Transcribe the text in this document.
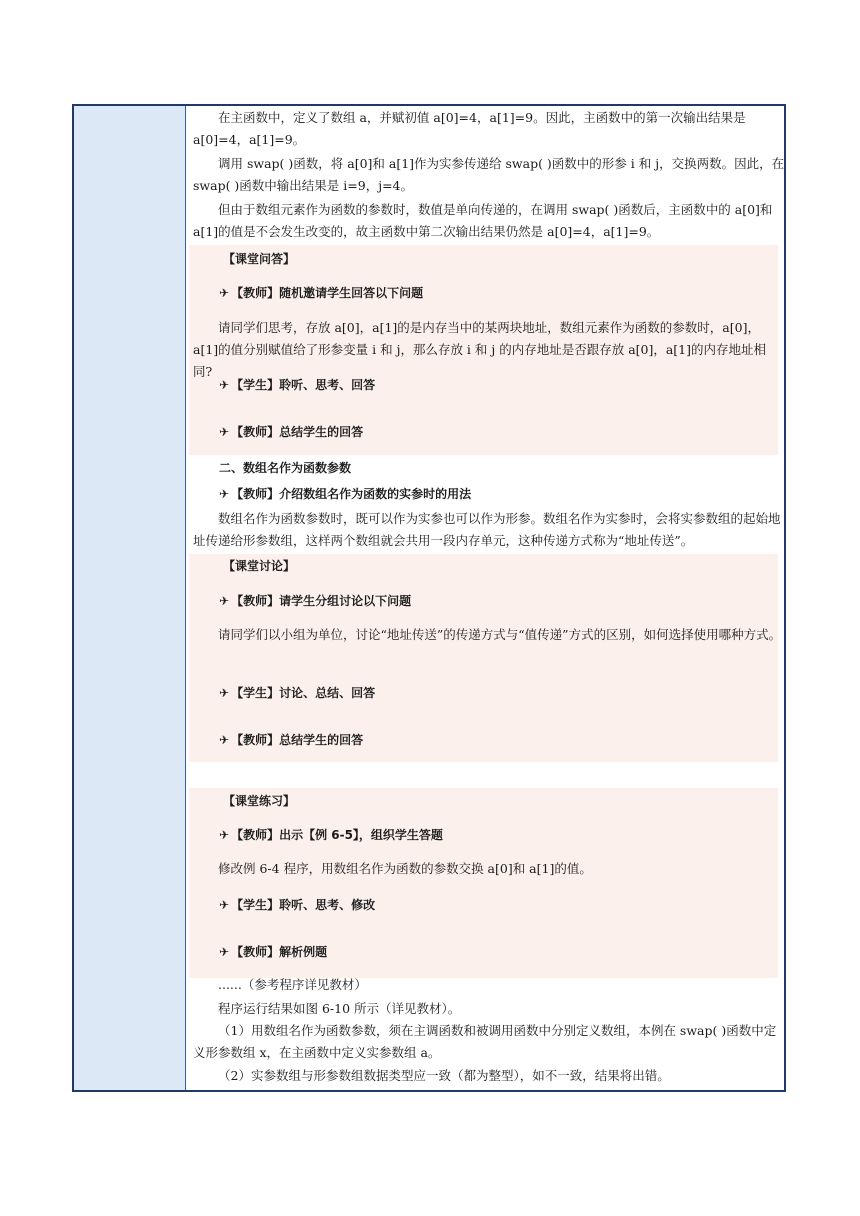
在主函数中，定义了数组 a，并赋初值 a[0]=4，a[1]=9。因此，主函数中的第一次输出结果是 a[0]=4，a[1]=9。

调用 swap( )函数，将 a[0]和 a[1]作为实参传递给 swap( )函数中的形参 i 和 j，交换两数。因此，在 swap( )函数中输出结果是 i=9，j=4。

但由于数组元素作为函数的参数时，数值是单向传递的，在调用 swap( )函数后，主函数中的 a[0]和 a[1]的值是不会发生改变的，故主函数中第二次输出结果仍然是 a[0]=4，a[1]=9。

【课堂问答】

✈ 【教师】随机邀请学生回答以下问题

请同学们思考，存放 a[0]，a[1]的是内存当中的某两块地址，数组元素作为函数的参数时，a[0]，a[1]的值分别赋值给了形参变量 i 和 j，那么存放 i 和 j 的内存地址是否跟存放 a[0]，a[1]的内存地址相同?

✈ 【学生】聆听、思考、回答

✈ 【教师】总结学生的回答

二、数组名作为函数参数

✈ 【教师】介绍数组名作为函数的实参时的用法

数组名作为函数参数时，既可以作为实参也可以作为形参。数组名作为实参时，会将实参数组的起始地址传递给形参数组，这样两个数组就会共用一段内存单元，这种传递方式称为“地址传送”。

【课堂讨论】

✈ 【教师】请学生分组讨论以下问题

请同学们以小组为单位，讨论“地址传送”的传递方式与“值传递”方式的区别，如何选择使用哪种方式。

✈ 【学生】讨论、总结、回答

✈ 【教师】总结学生的回答

【课堂练习】

✈ 【教师】出示【例 6-5】，组织学生答题

修改例 6-4 程序，用数组名作为函数的参数交换 a[0]和 a[1]的值。

✈ 【学生】聆听、思考、修改

✈ 【教师】解析例题

......（参考程序详见教材）

程序运行结果如图 6-10 所示（详见教材）。

（1）用数组名作为函数参数，须在主调函数和被调用函数中分别定义数组，本例在 swap( )函数中定义形参数组 x，在主函数中定义实参数组 a。

（2）实参数组与形参数组数据类型应一致（都为整型），如不一致，结果将出错。
